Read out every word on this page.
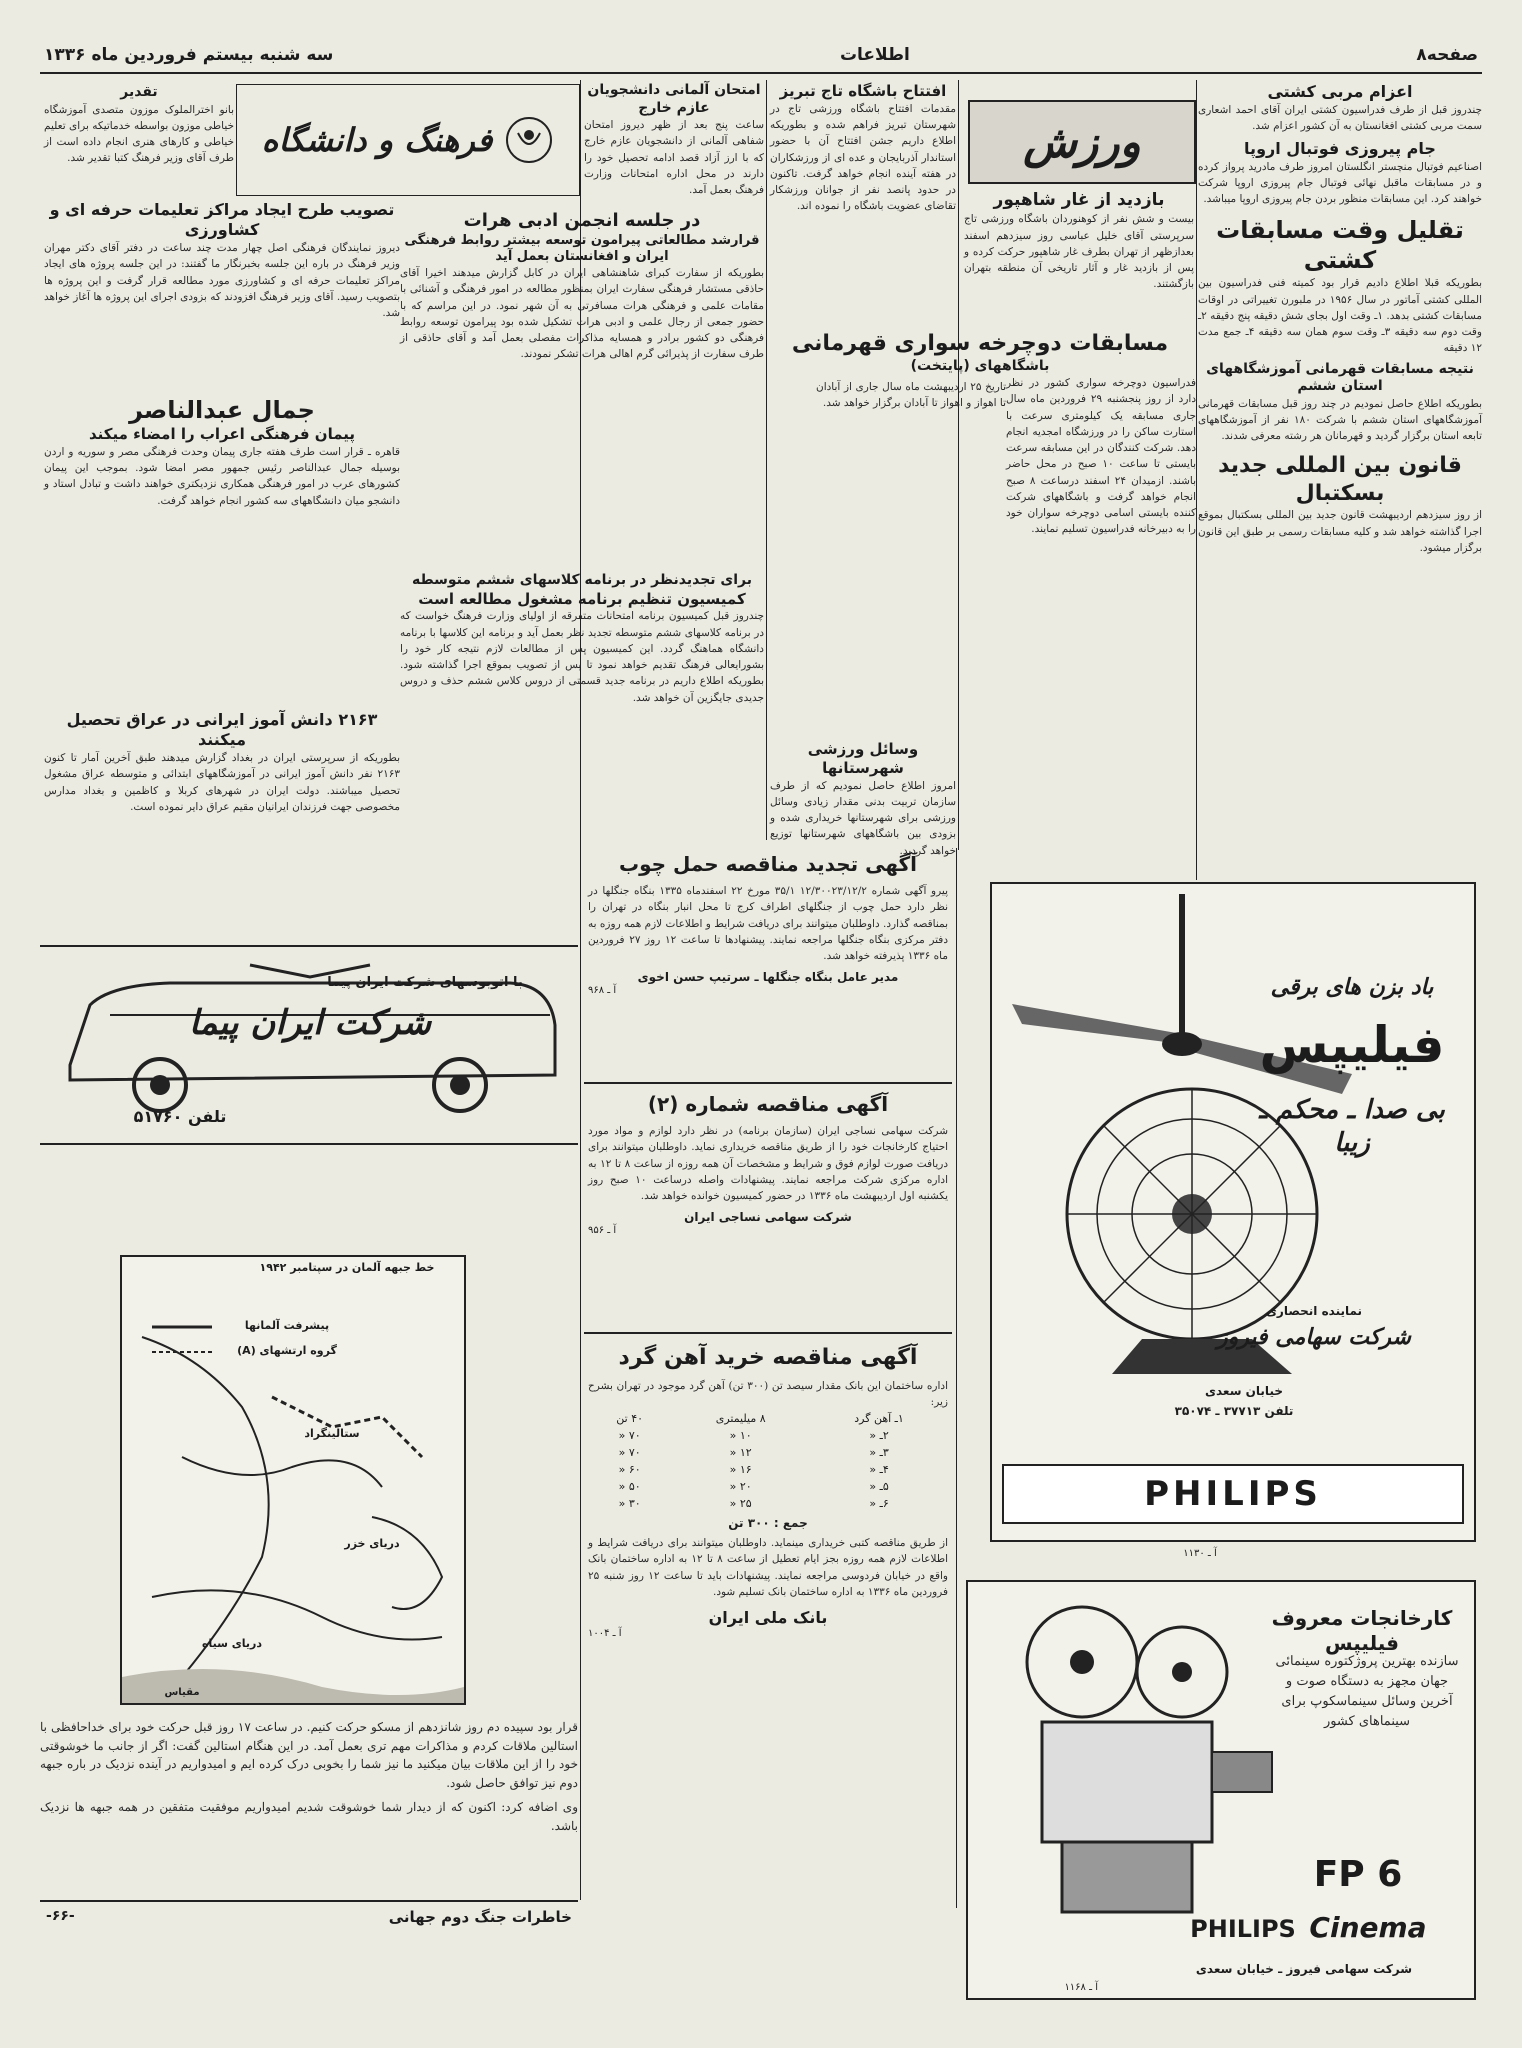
صفحه۸
اطلاعات
سه شنبه بیستم فروردین ماه ۱۳۳۶
اعزام مربی کشتی
چندروز قبل از طرف فدراسیون کشتی ایران آقای احمد اشعاری سمت مربی کشتی افغانستان به آن کشور اعزام شد.
جام پیروزی فوتبال اروپا
اصناعیم فوتبال منچستر انگلستان امروز طرف مادرید پرواز کرده و در مسابقات ماقبل نهائی فوتبال جام پیروزی اروپا شرکت خواهند کرد. این مسابقات منظور بردن جام پیروزی اروپا میباشد.
تقلیل وقت مسابقات کشتی
بطوریکه قبلا اطلاع دادیم قرار بود کمیته فنی فدراسیون بین المللی کشتی آماتور در سال ۱۹۵۶ در ملبورن تغییراتی در اوقات مسابقات کشتی بدهد. ۱ـ وقت اول بجای شش دقیقه پنج دقیقه ۲ـ وقت دوم سه دقیقه ۳ـ وقت سوم همان سه دقیقه ۴ـ جمع مدت ۱۲ دقیقه
نتیجه مسابقات قهرمانی آموزشگاههای استان ششم
بطوریکه اطلاع حاصل نمودیم در چند روز قبل مسابقات قهرمانی آموزشگاههای استان ششم با شرکت ۱۸۰ نفر از آموزشگاههای تابعه استان برگزار گردید و قهرمانان هر رشته معرفی شدند.
قانون بین المللی جدید بسکتبال
از روز سیزدهم اردیبهشت قانون جدید بین المللی بسکتبال بموقع اجرا گذاشته خواهد شد و کلیه مسابقات رسمی بر طبق این قانون برگزار میشود.
ورزش
بازدید از غار شاهپور
بیست و شش نفر از کوهنوردان باشگاه ورزشی تاج سرپرستی آقای خلیل عباسی روز سیزدهم اسفند بعدازظهر از تهران بطرف غار شاهپور حرکت کرده و پس از بازدید غار و آثار تاریخی آن منطقه بتهران بازگشتند.
افتتاح باشگاه تاج تبریز
مقدمات افتتاح باشگاه ورزشی تاج در شهرستان تبریز فراهم شده و بطوریکه اطلاع داریم جشن افتتاح آن با حضور استاندار آذربایجان و عده ای از ورزشکاران در هفته آینده انجام خواهد گرفت. تاکنون در حدود پانصد نفر از جوانان ورزشکار تقاضای عضویت باشگاه را نموده اند.
مسابقات دوچرخه سواری قهرمانی
باشگاههای (پایتخت)
فدراسیون دوچرخه سواری کشور در نظر دارد از روز پنجشنبه ۲۹ فروردین ماه سال جاری مسابقه یک کیلومتری سرعت با استارت ساکن را در ورزشگاه امجدیه انجام دهد. شرکت کنندگان در این مسابقه سرعت بایستی تا ساعت ۱۰ صبح در محل حاضر باشند. ازمیدان ۲۴ اسفند درساعت ۸ صبح انجام خواهد گرفت و باشگاههای شرکت کننده بایستی اسامی دوچرخه سواران خود را به دبیرخانه فدراسیون تسلیم نمایند.
تاریخ ۲۵ اردیبهشت ماه سال جاری از آبادان تا اهواز و اهواز تا آبادان برگزار خواهد شد.
وسائل ورزشی شهرستانها
امروز اطلاع حاصل نمودیم که از طرف سازمان تربیت بدنی مقدار زیادی وسائل ورزشی برای شهرستانها خریداری شده و بزودی بین باشگاههای شهرستانها توزیع خواهد گردید.
امتحان آلمانی دانشجویان عازم خارج
ساعت پنج بعد از ظهر دیروز امتحان شفاهی آلمانی از دانشجویان عازم خارج که با ارز آزاد قصد ادامه تحصیل خود را دارند در محل اداره امتحانات وزارت فرهنگ بعمل آمد.
در جلسه انجمن ادبی هرات
قرارشد مطالعاتی پیرامون توسعه بیشتر روابط فرهنگی ایران و افغانستان بعمل آید
بطوریکه از سفارت کبرای شاهنشاهی ایران در کابل گزارش میدهند اخیرا آقای حاذقی مستشار فرهنگی سفارت ایران بمنظور مطالعه در امور فرهنگی و آشنائی با مقامات علمی و فرهنگی هرات مسافرتی به آن شهر نمود. در این مراسم که با حضور جمعی از رجال علمی و ادبی هرات تشکیل شده بود پیرامون توسعه روابط فرهنگی دو کشور برادر و همسایه مذاکرات مفصلی بعمل آمد و آقای حاذقی از طرف سفارت از پذیرائی گرم اهالی هرات تشکر نمودند.
برای تجدیدنظر در برنامه کلاسهای ششم متوسطه
کمیسیون تنظیم برنامه مشغول مطالعه است
چندروز قبل کمیسیون برنامه امتحانات متفرقه از اولیای وزارت فرهنگ خواست که در برنامه کلاسهای ششم متوسطه تجدید نظر بعمل آید و برنامه این کلاسها با برنامه دانشگاه هماهنگ گردد. این کمیسیون پس از مطالعات لازم نتیجه کار خود را بشورایعالی فرهنگ تقدیم خواهد نمود تا پس از تصویب بموقع اجرا گذاشته شود. بطوریکه اطلاع داریم در برنامه جدید قسمتی از دروس کلاس ششم حذف و دروس جدیدی جایگزین آن خواهد شد.
فرهنگ و دانشگاه
تقدیر
بانو اخترالملوک موزون متصدی آموزشگاه خیاطی موزون بواسطه خدماتیکه برای تعلیم خیاطی و کارهای هنری انجام داده است از طرف آقای وزیر فرهنگ کتبا تقدیر شد.
تصویب طرح ایجاد مراکز تعلیمات حرفه ای و کشاورزی
دیروز نمایندگان فرهنگی اصل چهار مدت چند ساعت در دفتر آقای دکتر مهران وزیر فرهنگ در باره این جلسه بخبرنگار ما گفتند: در این جلسه پروژه های ایجاد مراکز تعلیمات حرفه ای و کشاورزی مورد مطالعه قرار گرفت و این پروژه ها بتصویب رسید. آقای وزیر فرهنگ افزودند که بزودی اجرای این پروژه ها آغاز خواهد شد.
جمال عبدالناصر
پیمان فرهنگی اعراب را امضاء میکند
قاهره ـ قرار است طرف هفته جاری پیمان وحدت فرهنگی مصر و سوریه و اردن بوسیله جمال عبدالناصر رئیس جمهور مصر امضا شود. بموجب این پیمان کشورهای عرب در امور فرهنگی همکاری نزدیکتری خواهند داشت و تبادل استاد و دانشجو میان دانشگاههای سه کشور انجام خواهد گرفت.
۲۱۶۳ دانش آموز ایرانی در عراق تحصیل میکنند
بطوریکه از سرپرستی ایران در بغداد گزارش میدهند طبق آخرین آمار تا کنون ۲۱۶۳ نفر دانش آموز ایرانی در آموزشگاههای ابتدائی و متوسطه عراق مشغول تحصیل میباشند. دولت ایران در شهرهای کربلا و کاظمین و بغداد مدارس مخصوصی جهت فرزندان ایرانیان مقیم عراق دایر نموده است.
شرکت ایران پیما
با اتوبوسهای شرکت ایران پیما
تلفن ۵۱۷۶۰
خط جبهه آلمان در سپتامبر ۱۹۴۲
پیشرفت آلمانها
گروه ارتشهای (A)
دریای خزر
دریای سیاه
ستالینگراد
مقیاس
قرار بود سپیده دم روز شانزدهم از مسکو حرکت کنیم. در ساعت ۱۷ روز قبل حرکت خود برای خداحافظی با استالین ملاقات کردم و مذاکرات مهم تری بعمل آمد. در این هنگام استالین گفت: اگر از جانب ما خوشوقتی خود را از این ملاقات بیان میکنید ما نیز شما را بخوبی درک کرده ایم و امیدواریم در آینده نزدیک در باره جبهه دوم نیز توافق حاصل شود.
وی اضافه کرد: اکنون که از دیدار شما خوشوقت شدیم امیدواریم موفقیت متفقین در همه جبهه ها نزدیک باشد.
خاطرات جنگ دوم جهانی
-۶۶-
آگهی تجدید مناقصه حمل چوب
پیرو آگهی شماره ۱۲/۳۰۰۲۳/۱۲/۲ ۳۵/۱ مورخ ۲۲ اسفندماه ۱۳۳۵ بنگاه جنگلها در نظر دارد حمل چوب از جنگلهای اطراف کرج تا محل انبار بنگاه در تهران را بمناقصه گذارد. داوطلبان میتوانند برای دریافت شرایط و اطلاعات لازم همه روزه به دفتر مرکزی بنگاه جنگلها مراجعه نمایند. پیشنهادها تا ساعت ۱۲ روز ۲۷ فروردین ماه ۱۳۳۶ پذیرفته خواهد شد.
مدیر عامل بنگاه جنگلها ـ سرتیپ حسن اخوی
آ ـ ۹۶۸
آگهی مناقصه شماره (۲)
شرکت سهامی نساجی ایران (سازمان برنامه) در نظر دارد لوازم و مواد مورد احتیاج کارخانجات خود را از طریق مناقصه خریداری نماید. داوطلبان میتوانند برای دریافت صورت لوازم فوق و شرایط و مشخصات آن همه روزه از ساعت ۸ تا ۱۲ به اداره مرکزی شرکت مراجعه نمایند. پیشنهادات واصله درساعت ۱۰ صبح روز یکشنبه اول اردیبهشت ماه ۱۳۳۶ در حضور کمیسیون خوانده خواهد شد.
شرکت سهامی نساجی ایران
آ ـ ۹۵۶
آگهی مناقصه خرید آهن گرد
اداره ساختمان این بانک مقدار سیصد تن (۳۰۰ تن) آهن گرد موجود در تهران بشرح زیر:
۱ـ آهن گرد	۸ میلیمتری	۴۰ تن
۲ـ «	۱۰ «	۷۰ «
۳ـ «	۱۲ «	۷۰ «
۴ـ «	۱۶ «	۶۰ «
۵ـ «	۲۰ «	۵۰ «
۶ـ «	۲۵ «	۳۰ «
جمع : ۳۰۰ تن
از طریق مناقصه کتبی خریداری مینماید. داوطلبان میتوانند برای دریافت شرایط و اطلاعات لازم همه روزه بجز ایام تعطیل از ساعت ۸ تا ۱۲ به اداره ساختمان بانک واقع در خیابان فردوسی مراجعه نمایند. پیشنهادات باید تا ساعت ۱۲ روز شنبه ۲۵ فروردین ماه ۱۳۳۶ به اداره ساختمان بانک تسلیم شود.
بانک ملی ایران
آ ـ ۱۰۰۴
باد بزن های برقی
فیلیپس
بی صدا ـ محکم ـ زیبا
نماینده انحصاری
شرکت سهامی فیروز
خیابان سعدی
تلفن ۳۷۷۱۳ ـ ۳۵۰۷۴
PHILIPS
آ ـ ۱۱۳۰
کارخانجات معروف فیلیپس
سازنده بهترین پروژکتوره سینمائی جهان مجهز به دستگاه صوت و آخرین وسائل سینماسکوپ برای سینماهای کشور
FP 6
PHILIPS Cinema
شرکت سهامی فیروز ـ خیابان سعدی
آ ـ ۱۱۶۸
